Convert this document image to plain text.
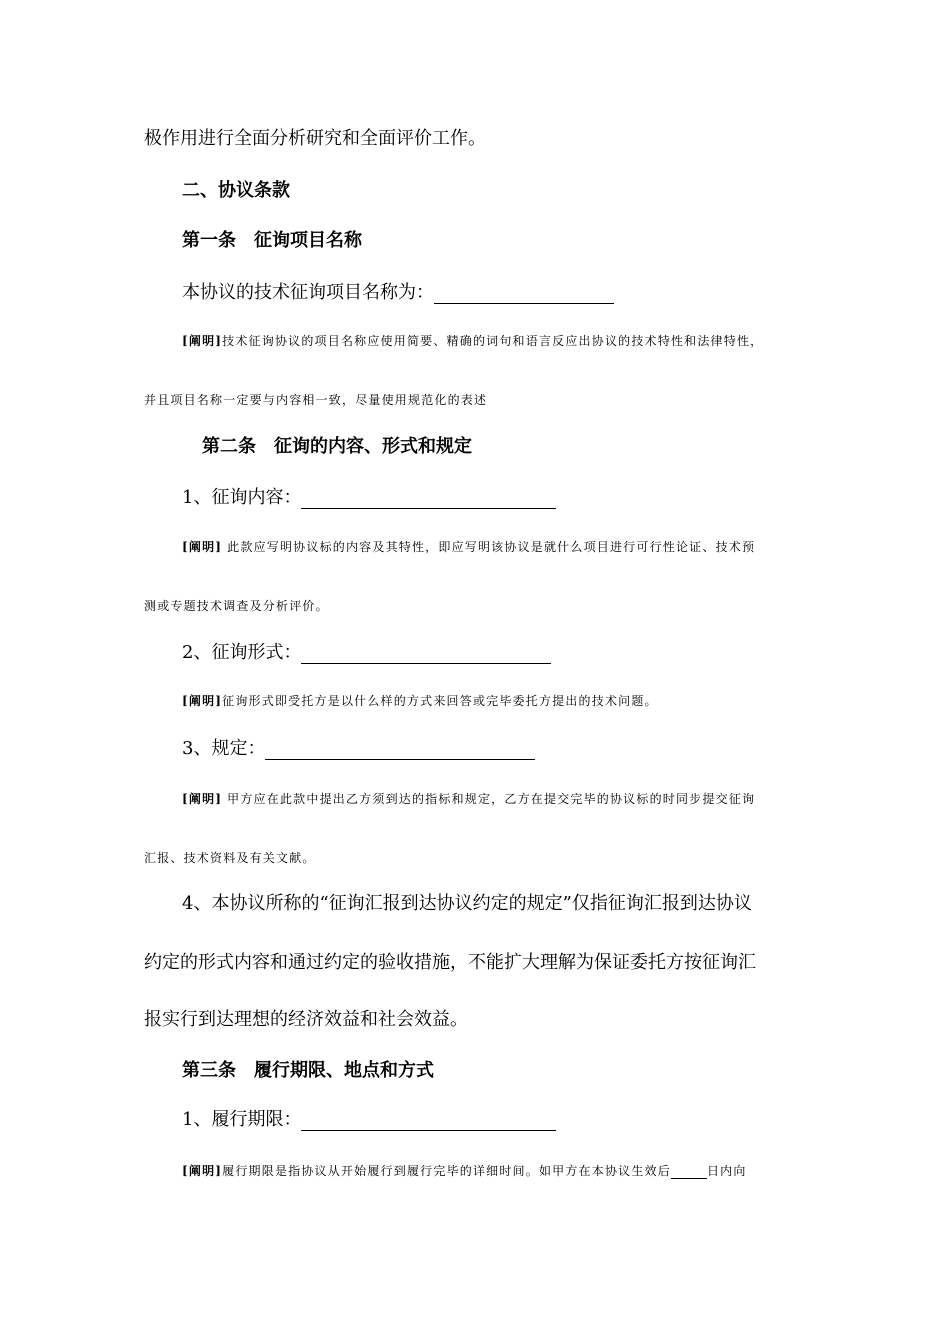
极作用进行全面分析研究和全面评价工作。
二、协议条款
第一条　征询项目名称
本协议的技术征询项目名称为：
[阐明]技术征询协议的项目名称应使用简要、精确的词句和语言反应出协议的技术特性和法律特性，
并且项目名称一定要与内容相一致，尽量使用规范化的表述
第二条　征询的内容、形式和规定
1、征询内容：
[阐明] 此款应写明协议标的内容及其特性，即应写明该协议是就什么项目进行可行性论证、技术预
测或专题技术调查及分析评价。
2、征询形式：
[阐明]征询形式即受托方是以什么样的方式来回答或完毕委托方提出的技术问题。
3、规定：
[阐明] 甲方应在此款中提出乙方须到达的指标和规定，乙方在提交完毕的协议标的时同步提交征询
汇报、技术资料及有关文献。
4、本协议所称的“征询汇报到达协议约定的规定”仅指征询汇报到达协议
约定的形式内容和通过约定的验收措施，不能扩大理解为保证委托方按征询汇
报实行到达理想的经济效益和社会效益。
第三条　履行期限、地点和方式
1、履行期限：
[阐明]履行期限是指协议从开始履行到履行完毕的详细时间。如甲方在本协议生效后	日内向
